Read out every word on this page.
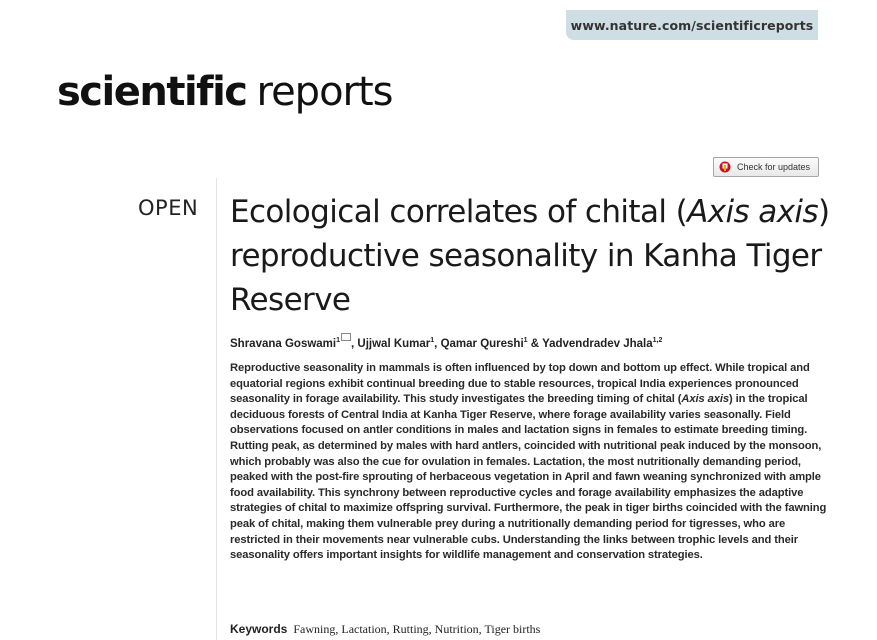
www.nature.com/scientificreports
scientific reports
Check for updates
OPEN Ecological correlates of chital (Axis axis) reproductive seasonality in Kanha Tiger Reserve
Shravana Goswami$^1$ , Ujjwal Kumar$^1$, Qamar Qureshi$^1$ & Yadvendradev Jhala$^{1,2}$

Reproductive seasonality in mammals is often influenced by top down and bottom up effect. While tropical and equatorial regions exhibit continual breeding due to stable resources, tropical India experiences pronounced seasonality in forage availability. This study investigates the breeding timing of chital (Axis axis) in the tropical deciduous forests of Central India at Kanha Tiger Reserve, where forage availability varies seasonally. Field observations focused on antler conditions in males and lactation signs in females to estimate breeding timing. Rutting peak, as determined by males with hard antlers, coincided with nutritional peak induced by the monsoon, which probably was also the cue for ovulation in females. Lactation, the most nutritionally demanding period, peaked with the post-fire sprouting of herbaceous vegetation in April and fawn weaning synchronized with ample food availability. This synchrony between reproductive cycles and forage availability emphasizes the adaptive strategies of chital to maximize offspring survival. Furthermore, the peak in tiger births coincided with the fawning peak of chital, making them vulnerable prey during a nutritionally demanding period for tigresses, who are restricted in their movements near vulnerable cubs. Understanding the links between trophic levels and their seasonality offers important insights for wildlife management and conservation strategies.

Keywords Fawning, Lactation, Rutting, Nutrition, Tiger births
